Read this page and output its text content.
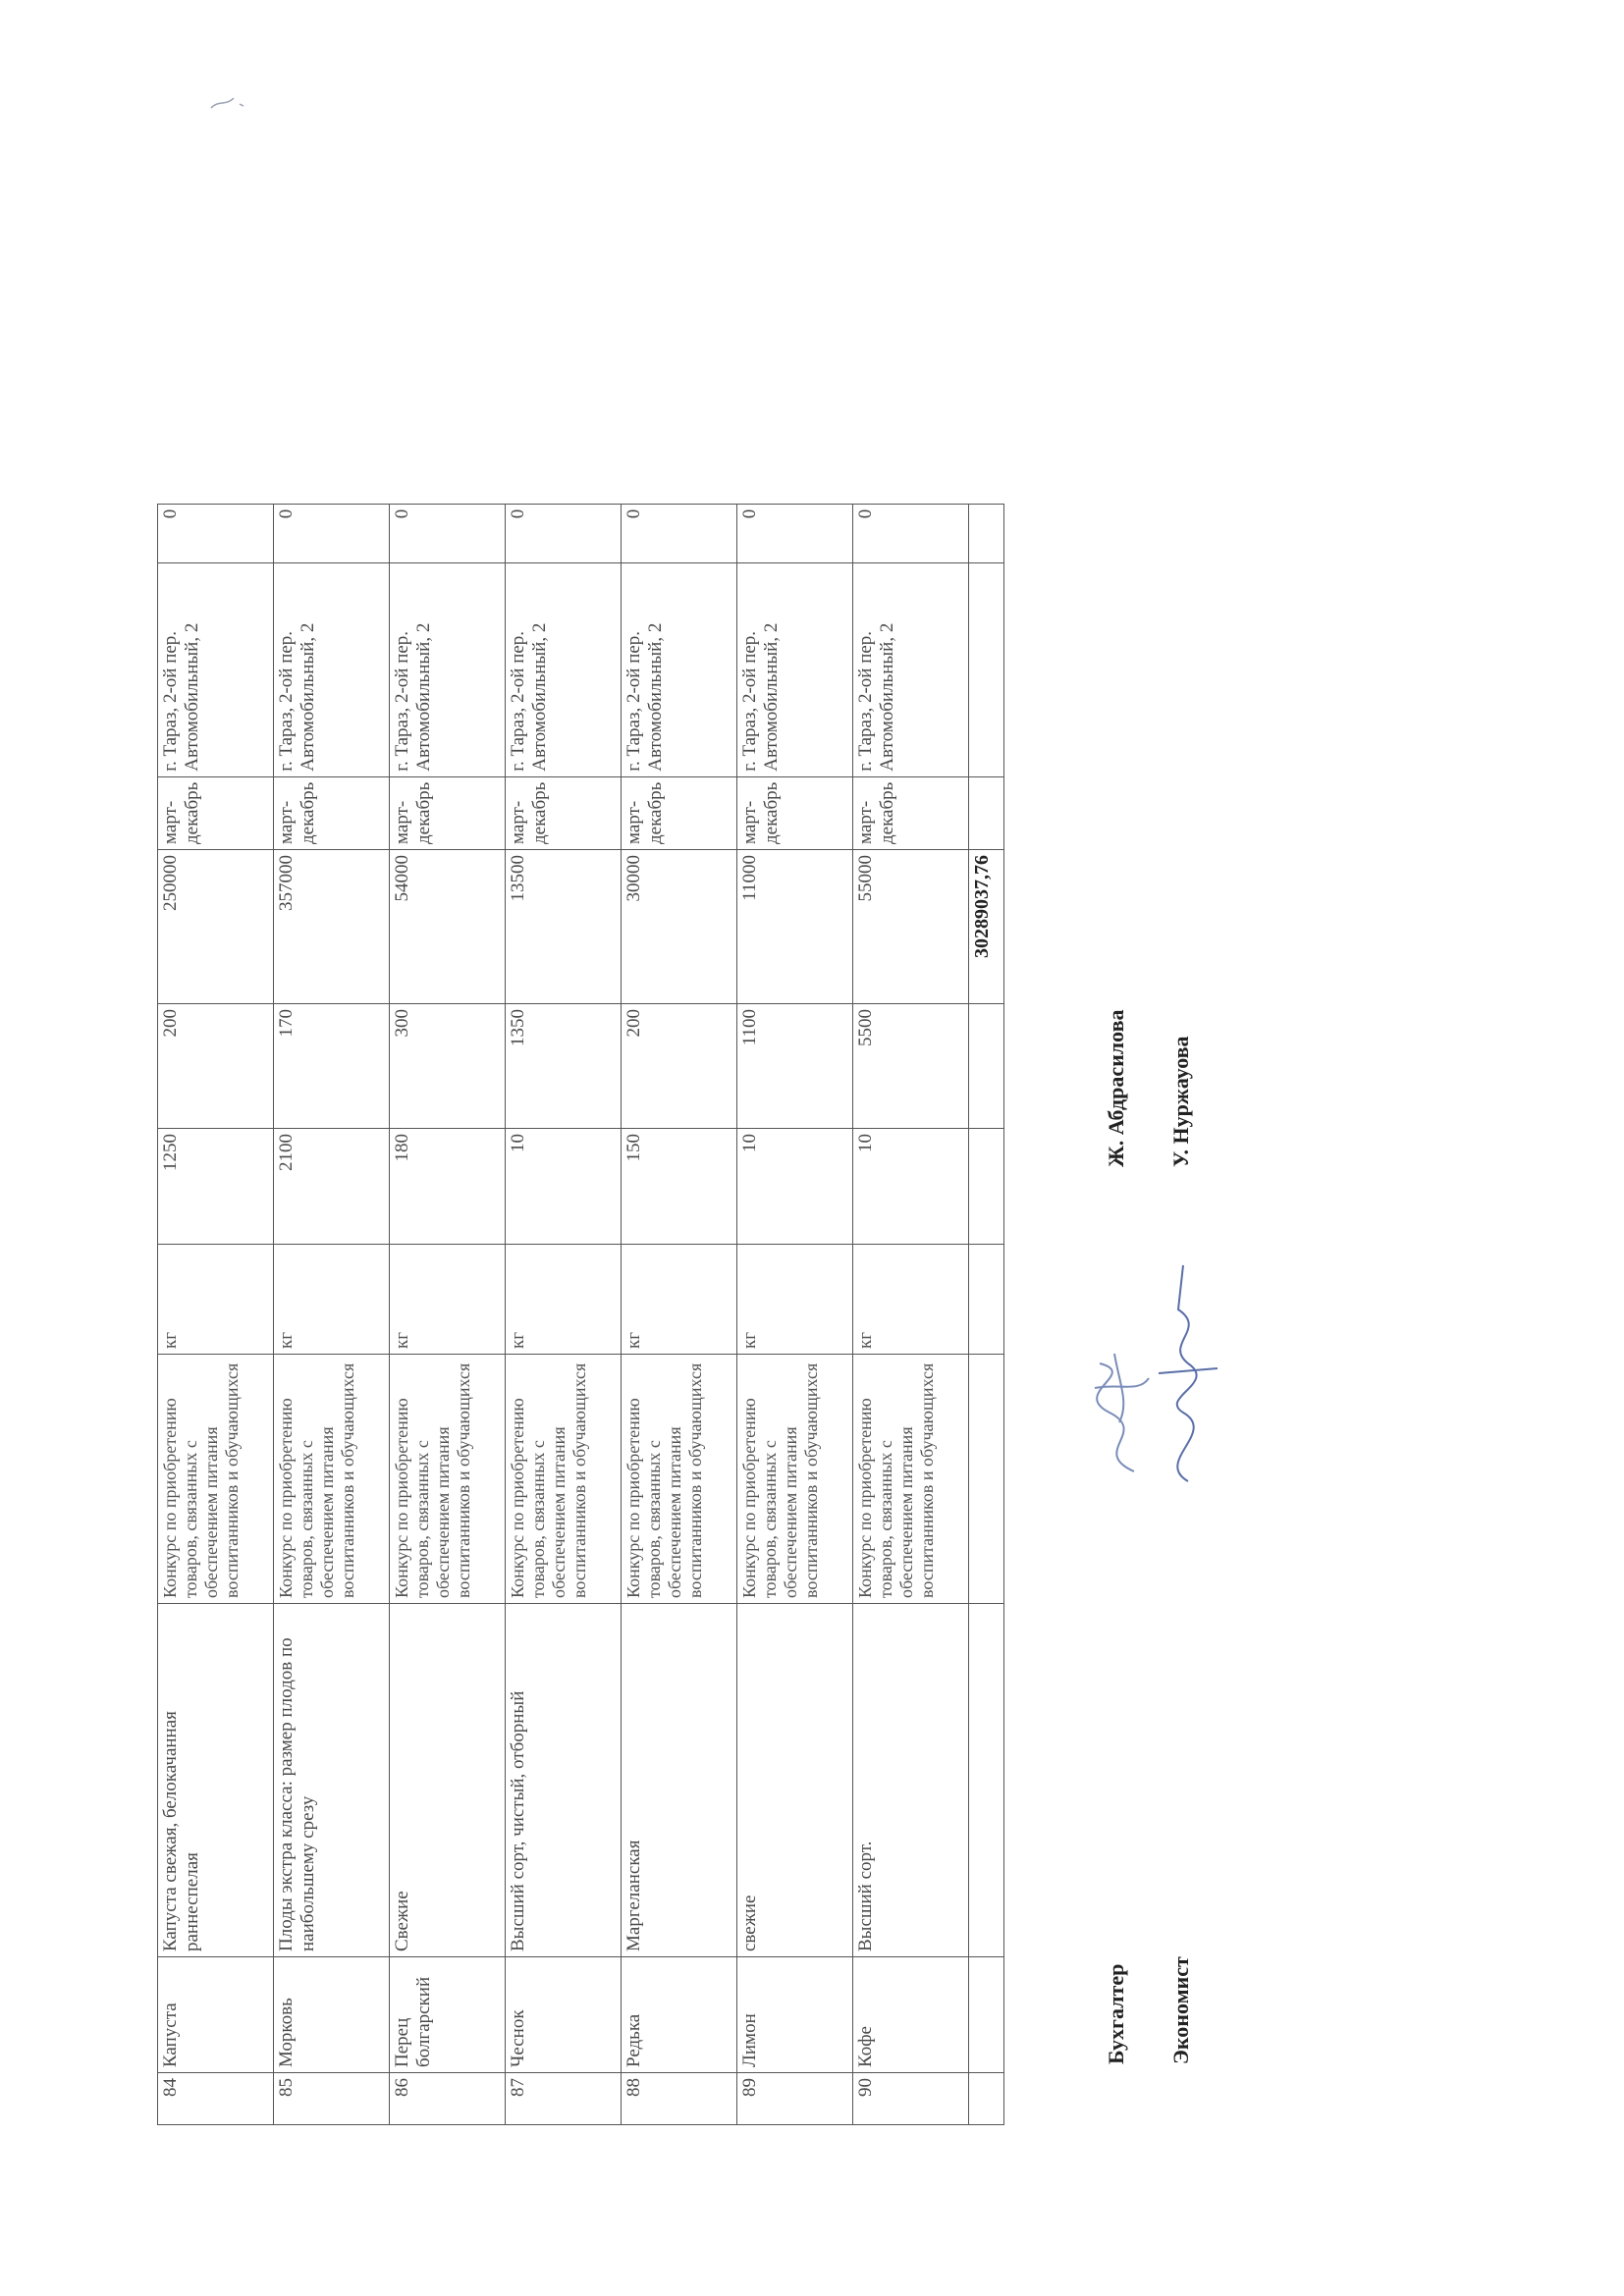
84	Капуста	Капуста свежая, белокачанная раннеспелая	Конкурс по приобретению товаров, связанных с обеспечением питания воспитанников и обучающихся	кг	1250	200	250000	март-декабрь	г. Тараз, 2-ой пер. Автомобильный, 2	0
85	Морковь	Плоды экстра класса: размер плодов по наибольшему срезу	Конкурс по приобретению товаров, связанных с обеспечением питания воспитанников и обучающихся	кг	2100	170	357000	март-декабрь	г. Тараз, 2-ой пер. Автомобильный, 2	0
86	Перец болгарский	Свежие	Конкурс по приобретению товаров, связанных с обеспечением питания воспитанников и обучающихся	кг	180	300	54000	март-декабрь	г. Тараз, 2-ой пер. Автомобильный, 2	0
87	Чеснок	Высший сорт, чистый, отборный	Конкурс по приобретению товаров, связанных с обеспечением питания воспитанников и обучающихся	кг	10	1350	13500	март-декабрь	г. Тараз, 2-ой пер. Автомобильный, 2	0
88	Редька	Маргеланская	Конкурс по приобретению товаров, связанных с обеспечением питания воспитанников и обучающихся	кг	150	200	30000	март-декабрь	г. Тараз, 2-ой пер. Автомобильный, 2	0
89	Лимон	свежие	Конкурс по приобретению товаров, связанных с обеспечением питания воспитанников и обучающихся	кг	10	1100	11000	март-декабрь	г. Тараз, 2-ой пер. Автомобильный, 2	0
90	Кофе	Высший сорт.	Конкурс по приобретению товаров, связанных с обеспечением питания воспитанников и обучающихся	кг	10	5500	55000	март-декабрь	г. Тараз, 2-ой пер. Автомобильный, 2	0
							30289037,76			
Бухгалтер Экономист
Ж. Абдрасилова У. Нуржауова
